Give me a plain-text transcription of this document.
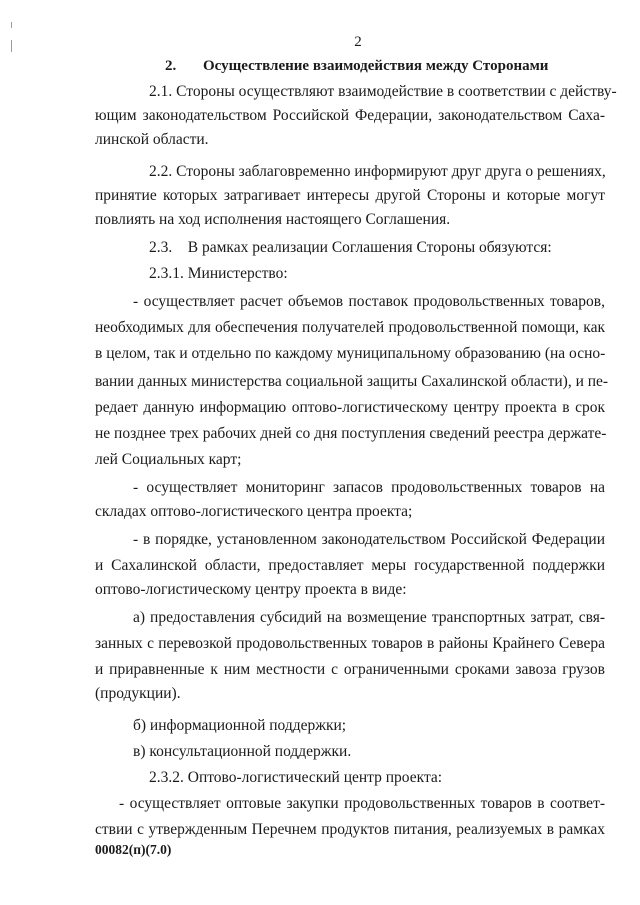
2
2. Осуществление взаимодействия между Сторонами
2.1. Стороны осуществляют взаимодействие в соответствии с действу-
ющим законодательством Российской Федерации, законодательством Саха-
линской области.
2.2. Стороны заблаговременно информируют друг друга о решениях,
принятие которых затрагивает интересы другой Стороны и которые могут
повлиять на ход исполнения настоящего Соглашения.
2.3.    В рамках реализации Соглашения Стороны обязуются:
2.3.1. Министерство:
- осуществляет расчет объемов поставок продовольственных товаров,
необходимых для обеспечения получателей продовольственной помощи, как
в целом, так и отдельно по каждому муниципальному образованию (на осно-
вании данных министерства социальной защиты Сахалинской области), и пе-
редает данную информацию оптово-логистическому центру проекта в срок
не позднее трех рабочих дней со дня поступления сведений реестра держате-
лей Социальных карт;
- осуществляет мониторинг запасов продовольственных товаров на
складах оптово-логистического центра проекта;
- в порядке, установленном законодательством Российской Федерации
и Сахалинской области, предоставляет меры государственной поддержки
оптово-логистическому центру проекта в виде:
а) предоставления субсидий на возмещение транспортных затрат, свя-
занных с перевозкой продовольственных товаров в районы Крайнего Севера
и приравненные к ним местности с ограниченными сроками завоза грузов
(продукции).
б) информационной поддержки;
в) консультационной поддержки.
2.3.2. Оптово-логистический центр проекта:
- осуществляет оптовые закупки продовольственных товаров в соответ-
ствии с утвержденным Перечнем продуктов питания, реализуемых в рамках
00082(п)(7.0)
